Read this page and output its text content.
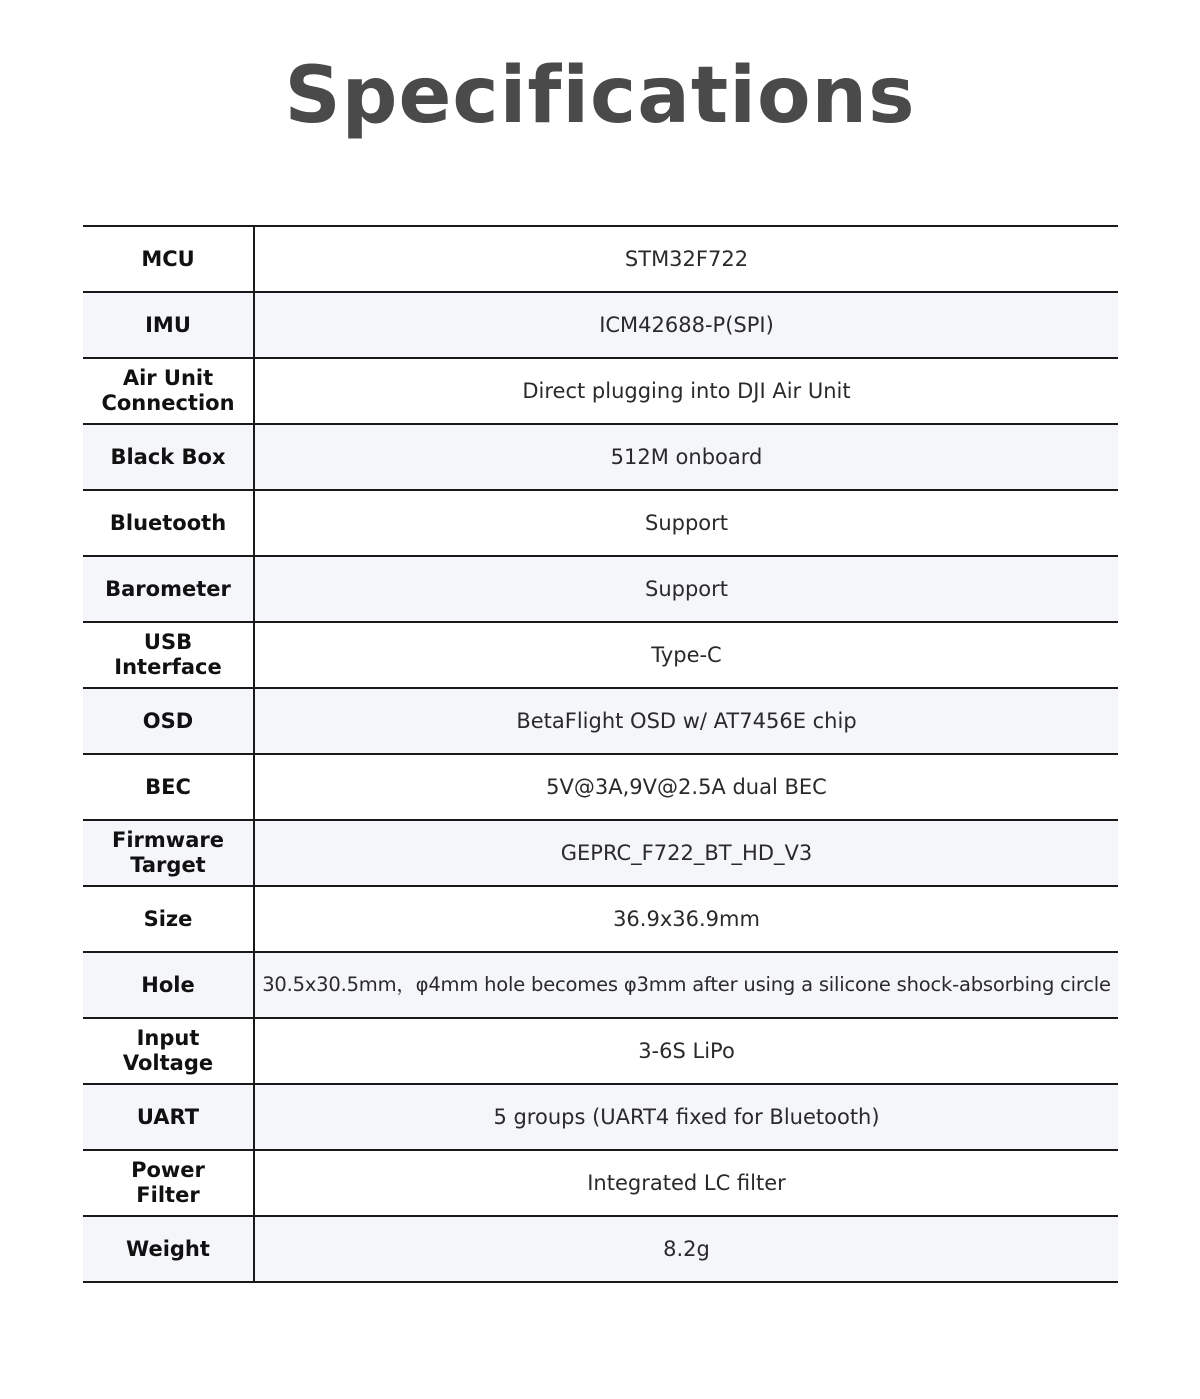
Specifications
MCU	STM32F722
IMU	ICM42688-P(SPI)
Air Unit
Connection	Direct plugging into DJI Air Unit
Black Box	512M onboard
Bluetooth	Support
Barometer	Support
USB
Interface	Type-C
OSD	BetaFlight OSD w/ AT7456E chip
BEC	5V@3A,9V@2.5A dual BEC
Firmware
Target	GEPRC_F722_BT_HD_V3
Size	36.9x36.9mm
Hole	30.5x30.5mm，φ4mm hole becomes φ3mm after using a silicone shock-absorbing circle
Input
Voltage	3-6S LiPo
UART	5 groups (UART4 fixed for Bluetooth)
Power
Filter	Integrated LC filter
Weight	8.2g
